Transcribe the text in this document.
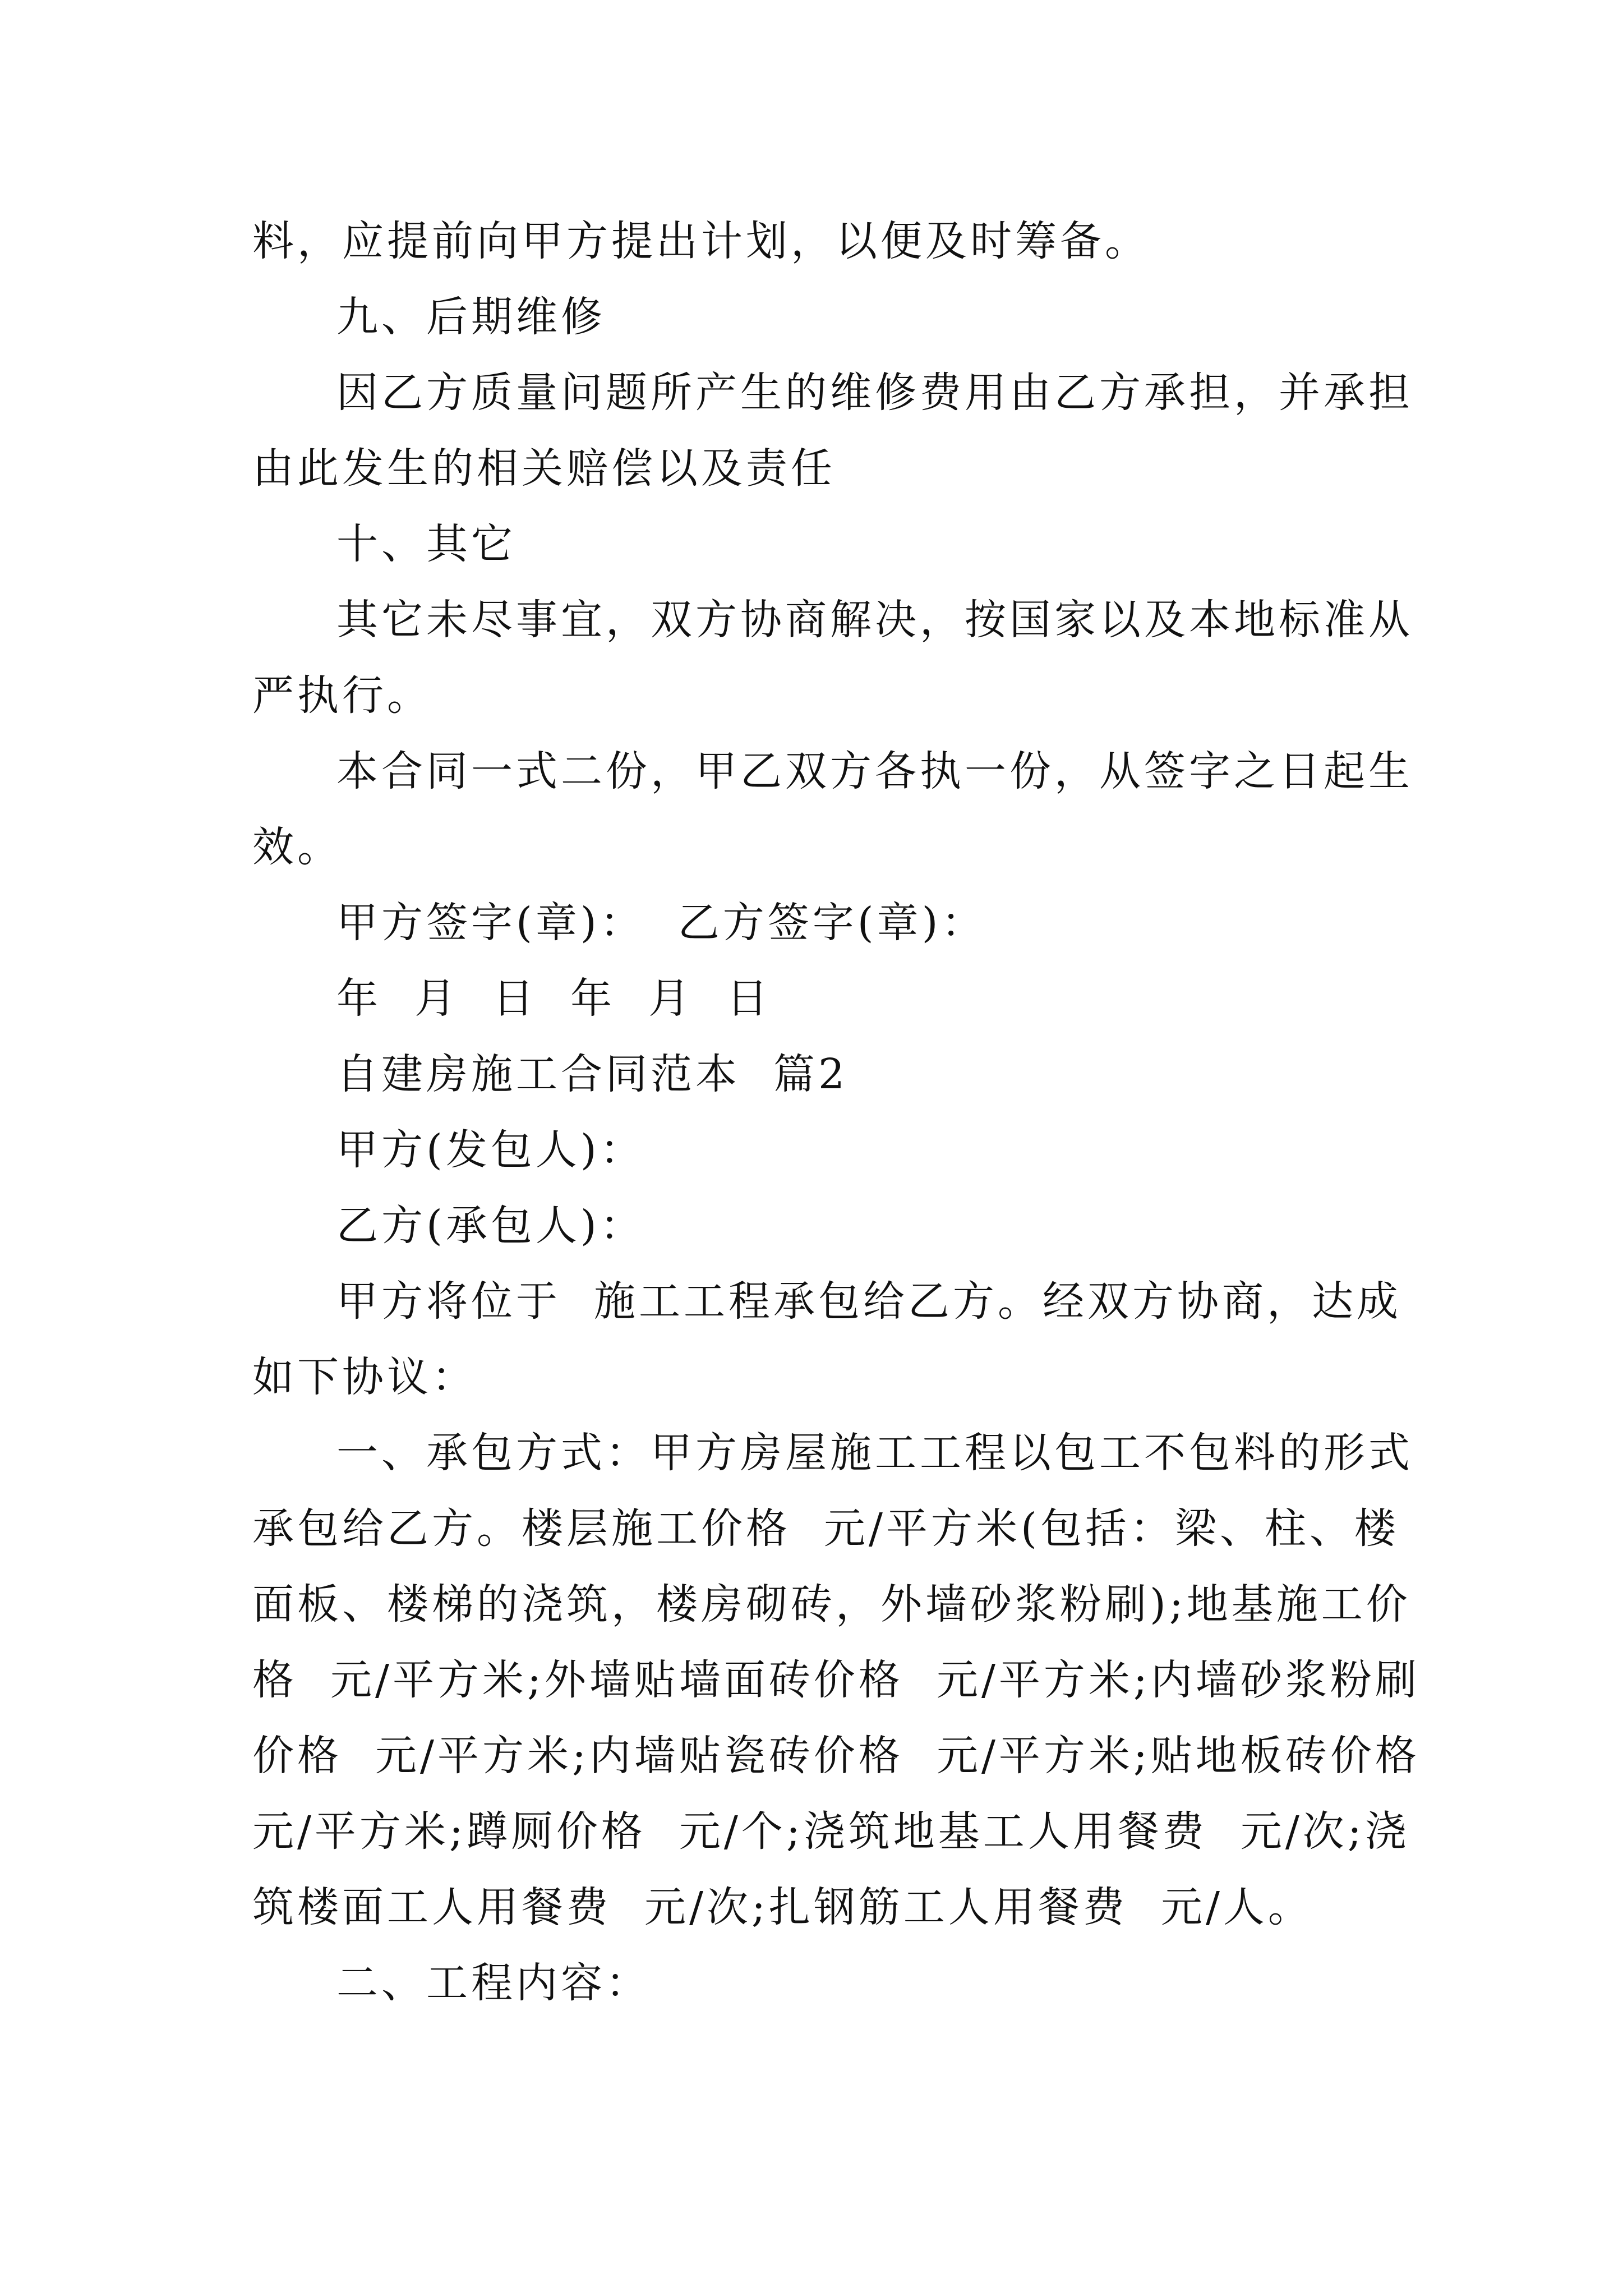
料，应提前向甲方提出计划，以便及时筹备。
九、后期维修
因乙方质量问题所产生的维修费用由乙方承担，并承担
由此发生的相关赔偿以及责任
十、其它
其它未尽事宜，双方协商解决，按国家以及本地标准从
严执行。
本合同一式二份，甲乙双方各执一份，从签字之日起生
效。
甲方签字(章)：  乙方签字(章)：
年  月  日  年  月  日
自建房施工合同范本  篇2
甲方(发包人)：
乙方(承包人)：
甲方将位于  施工工程承包给乙方。经双方协商，达成
如下协议：
一、承包方式：甲方房屋施工工程以包工不包料的形式
承包给乙方。楼层施工价格  元/平方米(包括：梁、柱、楼
面板、楼梯的浇筑，楼房砌砖，外墙砂浆粉刷);地基施工价
格  元/平方米;外墙贴墙面砖价格  元/平方米;内墙砂浆粉刷
价格  元/平方米;内墙贴瓷砖价格  元/平方米;贴地板砖价格
元/平方米;蹲厕价格  元/个;浇筑地基工人用餐费  元/次;浇
筑楼面工人用餐费  元/次;扎钢筋工人用餐费  元/人。
二、工程内容：
